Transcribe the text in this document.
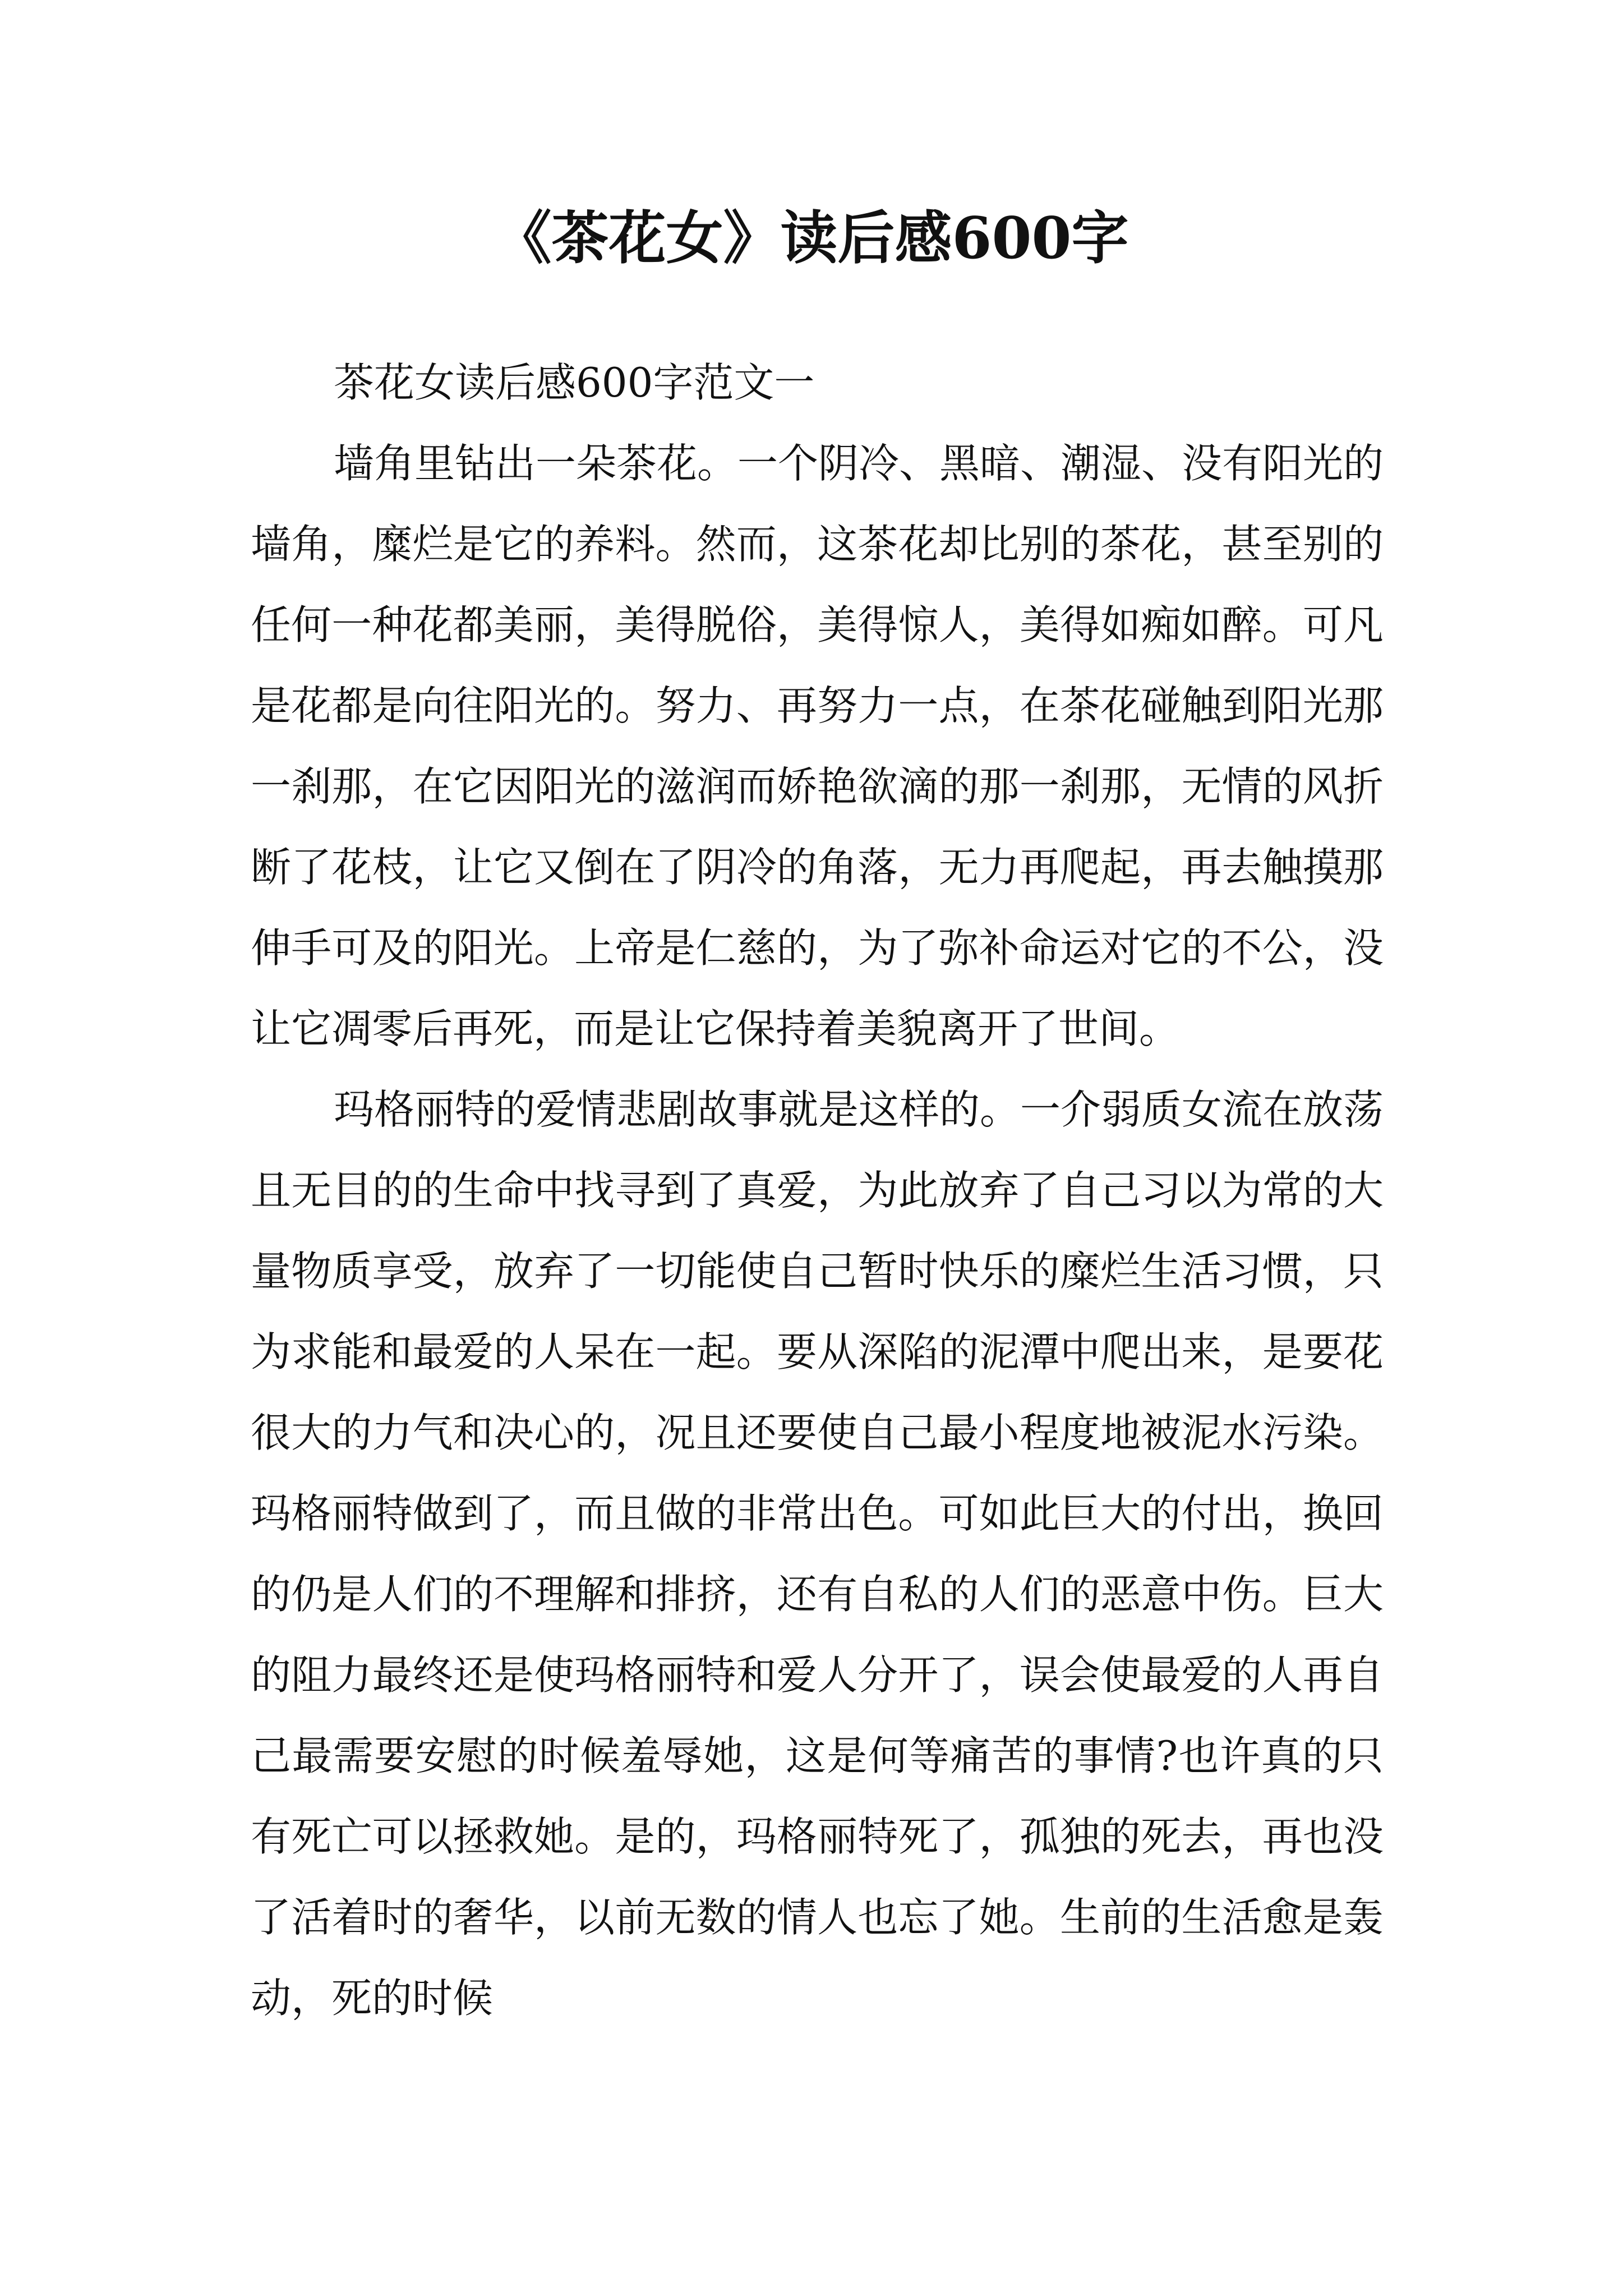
《茶花女》读后感600字

茶花女读后感600字范文一

墙角里钻出一朵茶花。一个阴冷、黑暗、潮湿、没有阳光的墙角，糜烂是它的养料。然而，这茶花却比别的茶花，甚至别的任何一种花都美丽，美得脱俗，美得惊人，美得如痴如醉。可凡是花都是向往阳光的。努力、再努力一点，在茶花碰触到阳光那一刹那，在它因阳光的滋润而娇艳欲滴的那一刹那，无情的风折断了花枝，让它又倒在了阴冷的角落，无力再爬起，再去触摸那伸手可及的阳光。上帝是仁慈的，为了弥补命运对它的不公，没让它凋零后再死，而是让它保持着美貌离开了世间。

玛格丽特的爱情悲剧故事就是这样的。一介弱质女流在放荡且无目的的生命中找寻到了真爱，为此放弃了自己习以为常的大量物质享受，放弃了一切能使自己暂时快乐的糜烂生活习惯，只为求能和最爱的人呆在一起。要从深陷的泥潭中爬出来，是要花很大的力气和决心的，况且还要使自己最小程度地被泥水污染。玛格丽特做到了，而且做的非常出色。可如此巨大的付出，换回的仍是人们的不理解和排挤，还有自私的人们的恶意中伤。巨大的阻力最终还是使玛格丽特和爱人分开了，误会使最爱的人再自己最需要安慰的时候羞辱她，这是何等痛苦的事情?也许真的只有死亡可以拯救她。是的，玛格丽特死了，孤独的死去，再也没了活着时的奢华，以前无数的情人也忘了她。生前的生活愈是轰动，死的时候
